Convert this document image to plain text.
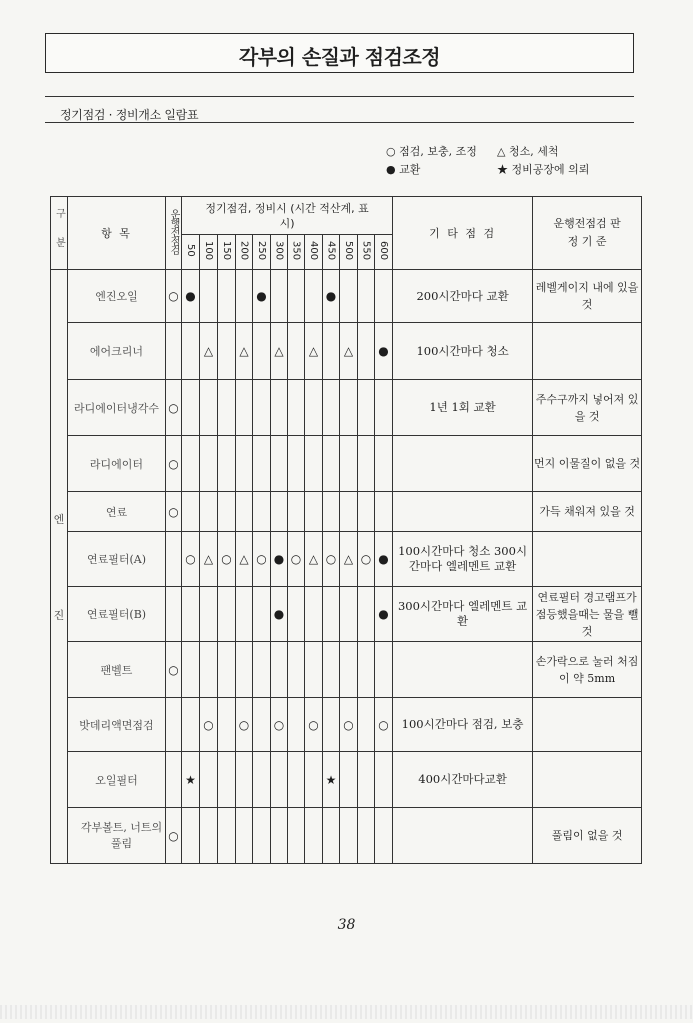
각부의 손질과 점검조정
정기점검 · 정비개소 일람표
○ 점검, 보충, 조정 △ 청소, 세척
● 교환	★ 정비공장에 의뢰
구 분	항 목	운행전점검	정기점검, 정비시 (시간 적산계, 표시)												기 타 점 검	운행전점검 판 정 기 준
			50	100	150	200	250	300	350	400	450	500	550	600		

엔
진	엔진오일	○	●				●				●				200시간마다 교환	레벨게이지 내에 있을 것
	에어크리너			△		△		△		△		△		●	100시간마다 청소	
	라디에이터냉각수	○													1년 1회 교환	주수구까지 넣어져 있을 것
	라디에이터	○														먼지 이물질이 없을 것
	연료	○														가득 채워져 있을 것
	연료필터(A)		○	△	○	△	○	●	○	△	○	△	○	●	100시간마다 청소 300시간마다 엘레멘트 교환	
	연료필터(B)							●						●	300시간마다 엘레멘트 교환	연료필터 경고램프가 점등했을때는 물을 뺄 것
	팬벨트	○														손가락으로 눌러 처짐이 약 5mm
	밧데리액면점검			○		○		○		○		○		○	100시간마다 점검, 보충	
	오일필터		★								★				400시간마다교환	
	각부볼트, 너트의 풀림	○														풀림이 없을 것
38
